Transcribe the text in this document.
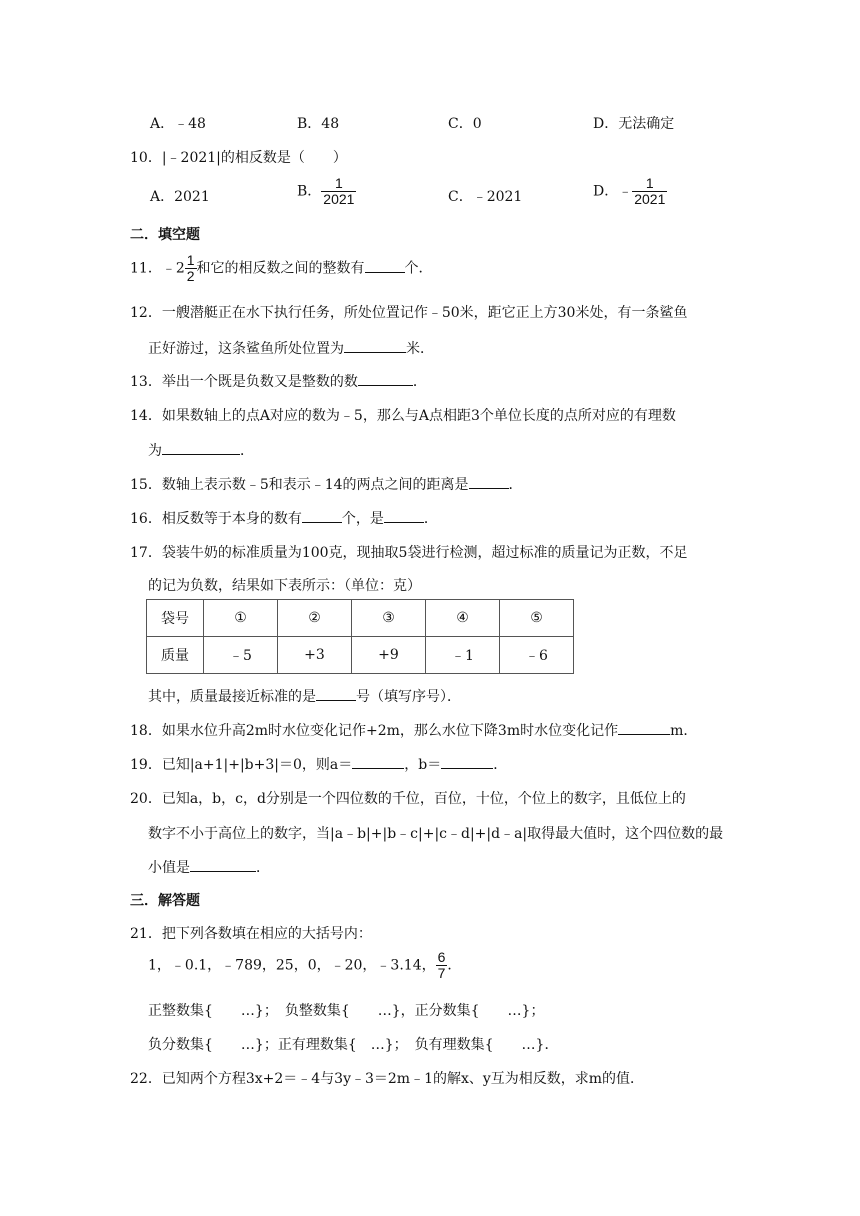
A．﹣48	B．48	C．0	D．无法确定
10．|﹣2021|的相反数是（　　）
A．2021	B． $\frac{1}{2021}$	C．﹣2021	D．﹣ $\frac{1}{2021}$
二．填空题
11．﹣2 $\frac{1}{2}$ 和它的相反数之间的整数有	个．
12．一艘潜艇正在水下执行任务，所处位置记作﹣50米，距它正上方30米处，有一条鲨鱼
正好游过，这条鲨鱼所处位置为	米．
13．举出一个既是负数又是整数的数	．
14．如果数轴上的点A对应的数为﹣5，那么与A点相距3个单位长度的点所对应的有理数
为	．
15．数轴上表示数﹣5和表示﹣14的两点之间的距离是	．
16．相反数等于本身的数有	个，是	．
17．袋装牛奶的标准质量为100克，现抽取5袋进行检测，超过标准的质量记为正数，不足
的记为负数，结果如下表所示：（单位：克）
袋号	①	②	③	④	⑤
质量	﹣5	+3	+9	﹣1	﹣6
其中，质量最接近标准的是	号（填写序号）．
18．如果水位升高2m时水位变化记作+2m，那么水位下降3m时水位变化记作	m．
19．已知|a+1|+|b+3|＝0，则a＝	，b＝	．
20．已知a，b，c，d分别是一个四位数的千位，百位，十位，个位上的数字，且低位上的
数字不小于高位上的数字，当|a﹣b|+|b﹣c|+|c﹣d|+|d﹣a|取得最大值时，这个四位数的最
小值是	．
三．解答题
21．把下列各数填在相应的大括号内：
1，﹣0.1，﹣789，25，0，﹣20，﹣3.14， $\frac{6}{7}$ ．
正整数集{　　…}；　负整数集{　　…}，正分数集{　　…}；
负分数集{　　…}；正有理数集{　…}；　负有理数集{　　…}．
22．已知两个方程3x+2＝﹣4与3y﹣3＝2m﹣1的解x、y互为相反数，求m的值．
